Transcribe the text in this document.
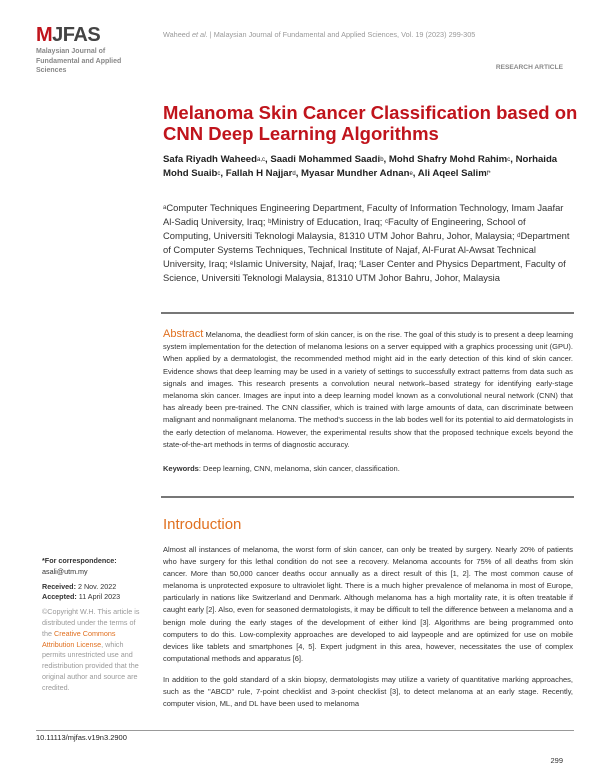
MJFAS
Malaysian Journal of Fundamental and Applied Sciences
Waheed et al. | Malaysian Journal of Fundamental and Applied Sciences, Vol. 19 (2023) 299-305
RESEARCH ARTICLE
Melanoma Skin Cancer Classification based on CNN Deep Learning Algorithms
Safa Riyadh Waheed$^{a,c}$, Saadi Mohammed Saadi$^b$, Mohd Shafry Mohd Rahim$^c$, Norhaida Mohd Suaib$^c$, Fallah H Najjar$^d$, Myasar Mundher Adnan$^e$, Ali Aqeel Salim$^{f*}$
$^a$Computer Techniques Engineering Department, Faculty of Information Technology, Imam Jaafar Al-Sadiq University, Iraq; $^b$Ministry of Education, Iraq; $^c$Faculty of Engineering, School of Computing, Universiti Teknologi Malaysia, 81310 UTM Johor Bahru, Johor, Malaysia; $^d$Department of Computer Systems Techniques, Technical Institute of Najaf, Al-Furat Al-Awsat Technical University, Iraq; $^e$Islamic University, Najaf, Iraq; $^f$Laser Center and Physics Department, Faculty of Science, Universiti Teknologi Malaysia, 81310 UTM Johor Bahru, Johor, Malaysia
Abstract Melanoma, the deadliest form of skin cancer, is on the rise. The goal of this study is to present a deep learning system implementation for the detection of melanoma lesions on a server equipped with a graphics processing unit (GPU). When applied by a dermatologist, the recommended method might aid in the early detection of this kind of skin cancer. Evidence shows that deep learning may be used in a variety of settings to successfully extract patterns from data such as signals and images. This research presents a convolution neural network–based strategy for identifying early-stage melanoma skin cancer. Images are input into a deep learning model known as a convolutional neural network (CNN) that has already been pre-trained. The CNN classifier, which is trained with large amounts of data, can discriminate between malignant and nonmalignant melanoma. The method's success in the lab bodes well for its potential to aid dermatologists in the early detection of melanoma. However, the experimental results show that the proposed technique excels beyond the state-of-the-art methods in terms of diagnostic accuracy.
Keywords: Deep learning, CNN, melanoma, skin cancer, classification.
Introduction

Almost all instances of melanoma, the worst form of skin cancer, can only be treated by surgery. Nearly 20% of patients who have surgery for this lethal condition do not see a recovery. Melanoma accounts for 75% of all deaths from skin cancer. More than 50,000 cancer deaths occur annually as a direct result of this [1, 2]. The most common cause of melanoma is unprotected exposure to ultraviolet light. There is a much higher prevalence of melanoma in most of Europe, particularly in nations like Switzerland and Denmark. Although melanoma has a high mortality rate, it is often treatable if caught early [2]. Also, even for seasoned dermatologists, it may be difficult to tell the difference between a melanoma and a benign mole during the early stages of the development of either kind [3]. Algorithms are being programmed onto computers to do this. Low-complexity approaches are developed to aid laypeople and are optimized for use on mobile devices like tablets and smartphones [4, 5]. Expert judgment in this area, however, necessitates the use of complex computational methods and apparatus [6].

In addition to the gold standard of a skin biopsy, dermatologists may utilize a variety of quantitative marking approaches, such as the "ABCD" rule, 7-point checklist and 3-point checklist [3], to detect melanoma at an early stage. Recently, computer vision, ML, and DL have been used to melanoma

*For correspondence:
asali@utm.my
Received: 2 Nov. 2022
Accepted: 11 April 2023
©Copyright W.H. This article is distributed under the terms of the Creative Commons Attribution License, which permits unrestricted use and redistribution provided that the original author and source are credited.
10.11113/mjfas.v19n3.2900
299
